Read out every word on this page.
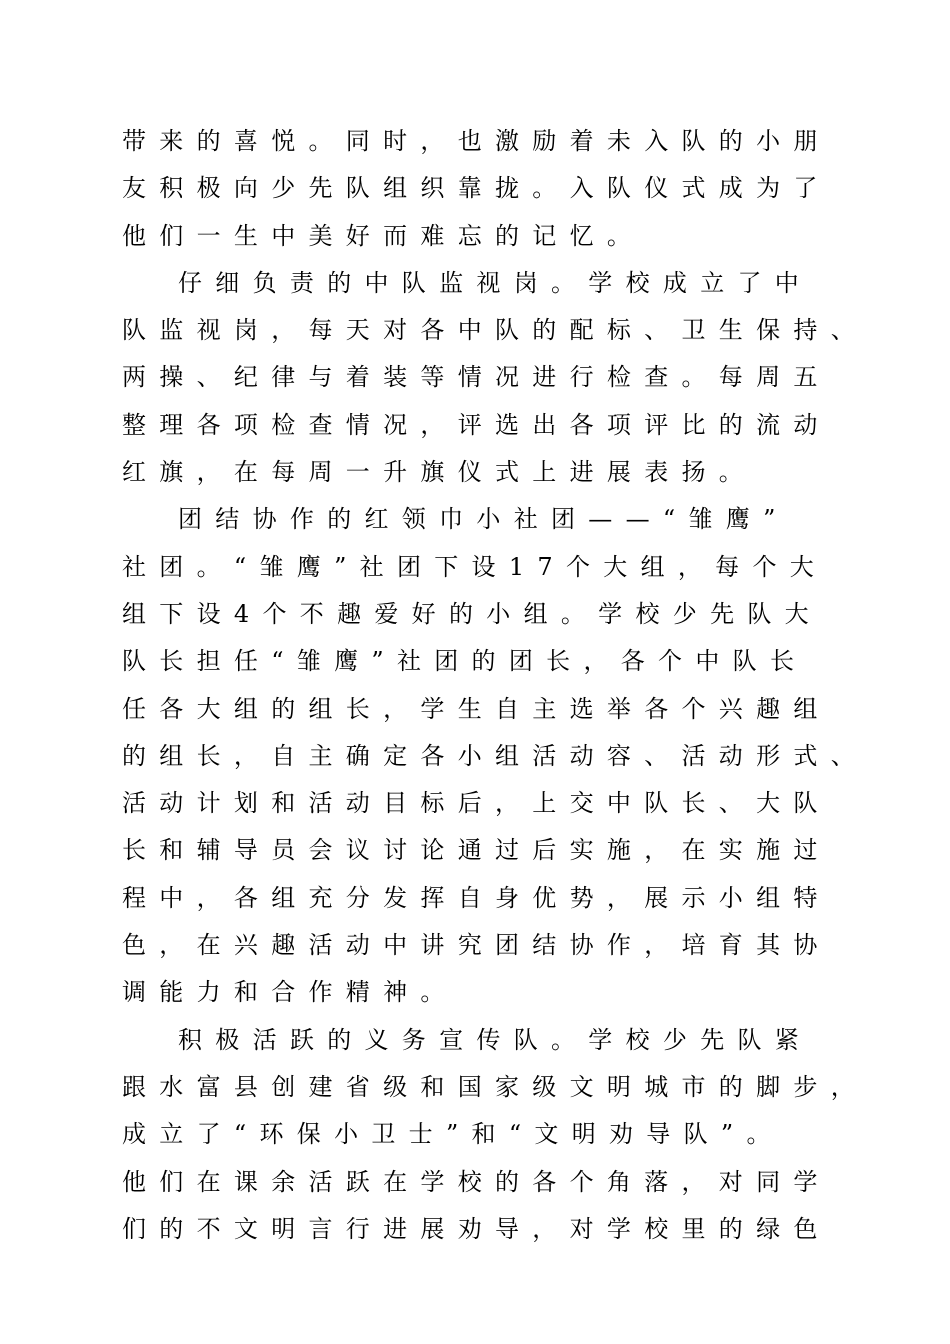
带来的喜悦。同时，也激励着未入队的小朋
友积极向少先队组织靠拢。入队仪式成为了
他们一生中美好而难忘的记忆。
仔细负责的中队监视岗。学校成立了中
队监视岗，每天对各中队的配标、卫生保持、
两操、纪律与着装等情况进行检查。每周五
整理各项检查情况，评选出各项评比的流动
红旗，在每周一升旗仪式上进展表扬。
团结协作的红领巾小社团——“雏鹰”
社团。“雏鹰”社团下设17个大组，每个大
组下设4个不趣爱好的小组。学校少先队大
队长担任“雏鹰”社团的团长，各个中队长
任各大组的组长，学生自主选举各个兴趣组
的组长，自主确定各小组活动容、活动形式、
活动计划和活动目标后，上交中队长、大队
长和辅导员会议讨论通过后实施，在实施过
程中，各组充分发挥自身优势，展示小组特
色，在兴趣活动中讲究团结协作，培育其协
调能力和合作精神。
积极活跃的义务宣传队。学校少先队紧
跟水富县创建省级和国家级文明城市的脚步，
成立了“环保小卫士”和“文明劝导队”。
他们在课余活跃在学校的各个角落，对同学
们的不文明言行进展劝导，对学校里的绿色
